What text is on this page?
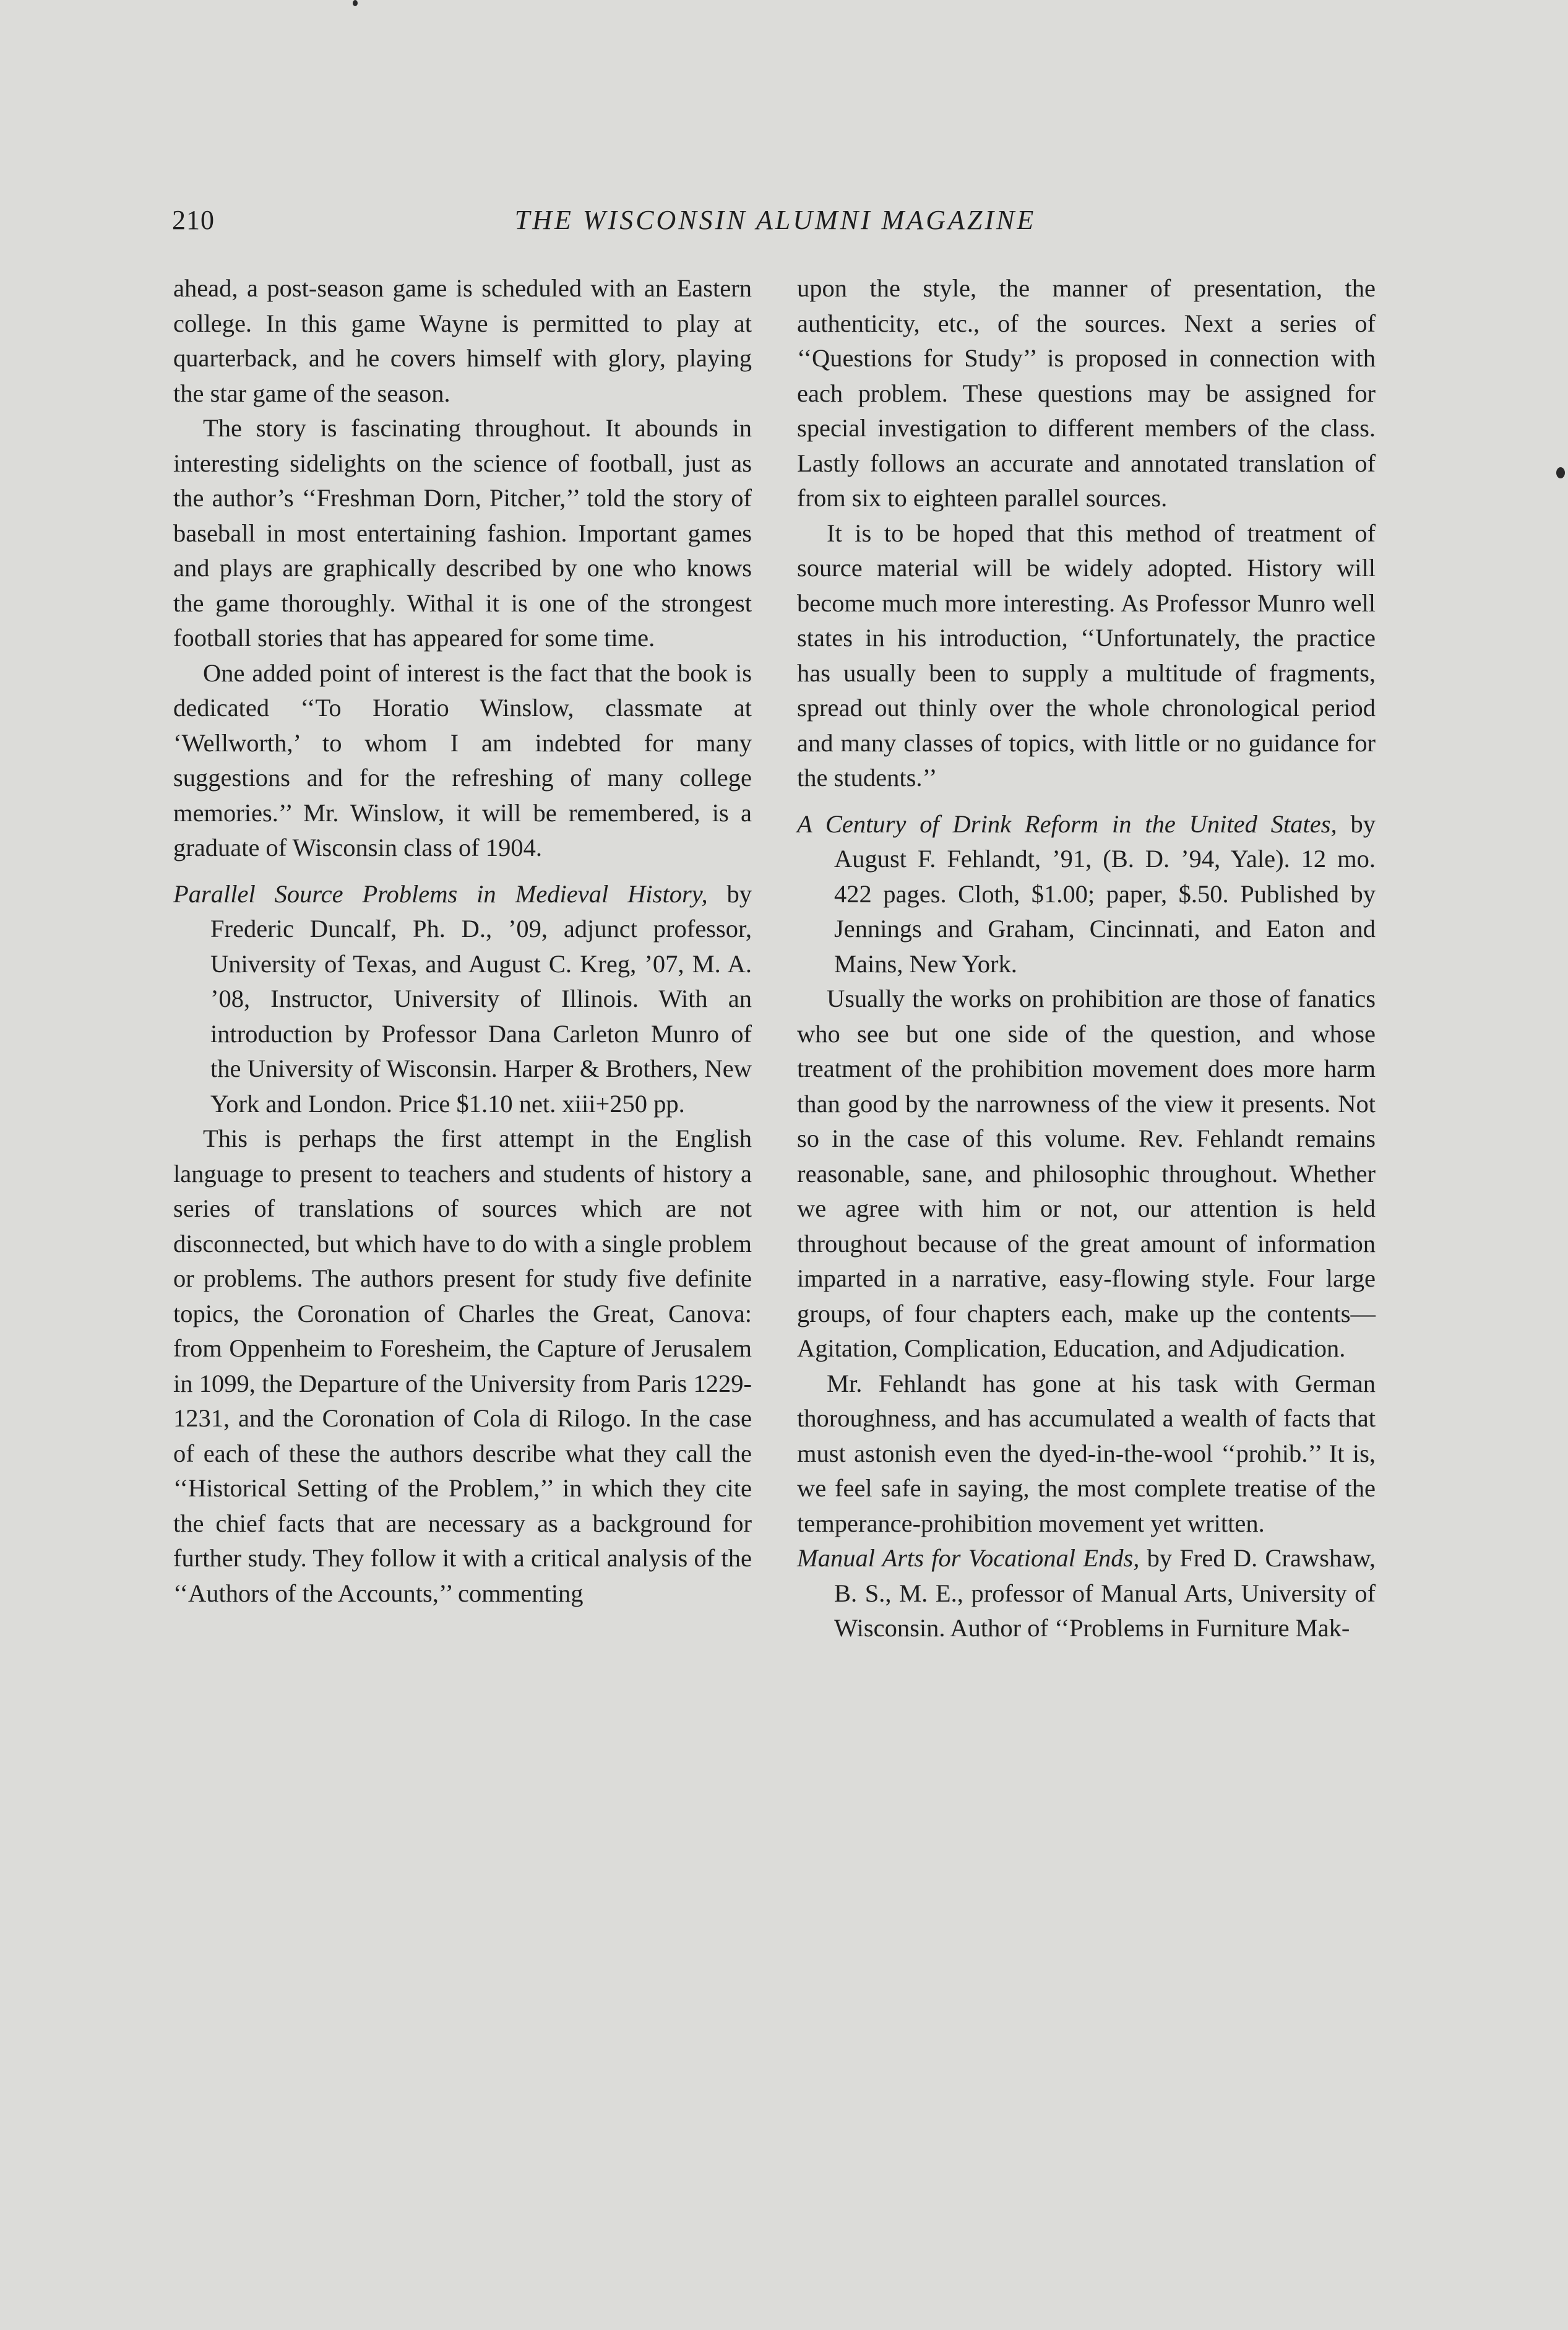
210	THE WISCONSIN ALUMNI MAGAZINE

ahead, a post-season game is scheduled with an Eastern college. In this game Wayne is permitted to play at quarterback, and he covers himself with glory, playing the star game of the season.

The story is fascinating throughout. It abounds in interesting sidelights on the science of football, just as the author’s ‘‘Freshman Dorn, Pitcher,’’ told the story of baseball in most entertaining fashion. Important games and plays are graphically described by one who knows the game thoroughly. Withal it is one of the strongest football stories that has appeared for some time.

One added point of interest is the fact that the book is dedicated ‘‘To Horatio Winslow, classmate at ‘Wellworth,’ to whom I am indebted for many suggestions and for the refreshing of many college memories.’’ Mr. Winslow, it will be remembered, is a graduate of Wisconsin class of 1904.

Parallel Source Problems in Medieval History, by Frederic Duncalf, Ph. D., ’09, adjunct professor, University of Texas, and August C. Kreg, ’07, M. A. ’08, Instructor, University of Illinois. With an introduction by Professor Dana Carleton Munro of the University of Wisconsin. Harper & Brothers, New York and London. Price $1.10 net. xiii+250 pp.

This is perhaps the first attempt in the English language to present to teachers and students of history a series of translations of sources which are not disconnected, but which have to do with a single problem or problems. The authors present for study five definite topics, the Coronation of Charles the Great, Canova: from Oppenheim to Foresheim, the Capture of Jerusalem in 1099, the Departure of the University from Paris 1229-1231, and the Coronation of Cola di Rilogo. In the case of each of these the authors describe what they call the ‘‘Historical Setting of the Problem,’’ in which they cite the chief facts that are necessary as a background for further study. They follow it with a critical analysis of the ‘‘Authors of the Accounts,’’ commenting

upon the style, the manner of presentation, the authenticity, etc., of the sources. Next a series of ‘‘Questions for Study’’ is proposed in connection with each problem. These questions may be assigned for special investigation to different members of the class. Lastly follows an accurate and annotated translation of from six to eighteen parallel sources.

It is to be hoped that this method of treatment of source material will be widely adopted. History will become much more interesting. As Professor Munro well states in his introduction, ‘‘Unfortunately, the practice has usually been to supply a multitude of fragments, spread out thinly over the whole chronological period and many classes of topics, with little or no guidance for the students.’’

A Century of Drink Reform in the United States, by August F. Fehlandt, ’91, (B. D. ’94, Yale). 12 mo. 422 pages. Cloth, $1.00; paper, $.50. Published by Jennings and Graham, Cincinnati, and Eaton and Mains, New York.

Usually the works on prohibition are those of fanatics who see but one side of the question, and whose treatment of the prohibition movement does more harm than good by the narrowness of the view it presents. Not so in the case of this volume. Rev. Fehlandt remains reasonable, sane, and philosophic throughout. Whether we agree with him or not, our attention is held throughout because of the great amount of information imparted in a narrative, easy-flowing style. Four large groups, of four chapters each, make up the contents—Agitation, Complication, Education, and Adjudication.

Mr. Fehlandt has gone at his task with German thoroughness, and has accumulated a wealth of facts that must astonish even the dyed-in-the-wool ‘‘prohib.’’ It is, we feel safe in saying, the most complete treatise of the temperance-prohibition movement yet written.

Manual Arts for Vocational Ends, by Fred D. Crawshaw, B. S., M. E., professor of Manual Arts, University of Wisconsin. Author of ‘‘Problems in Furniture Mak-
